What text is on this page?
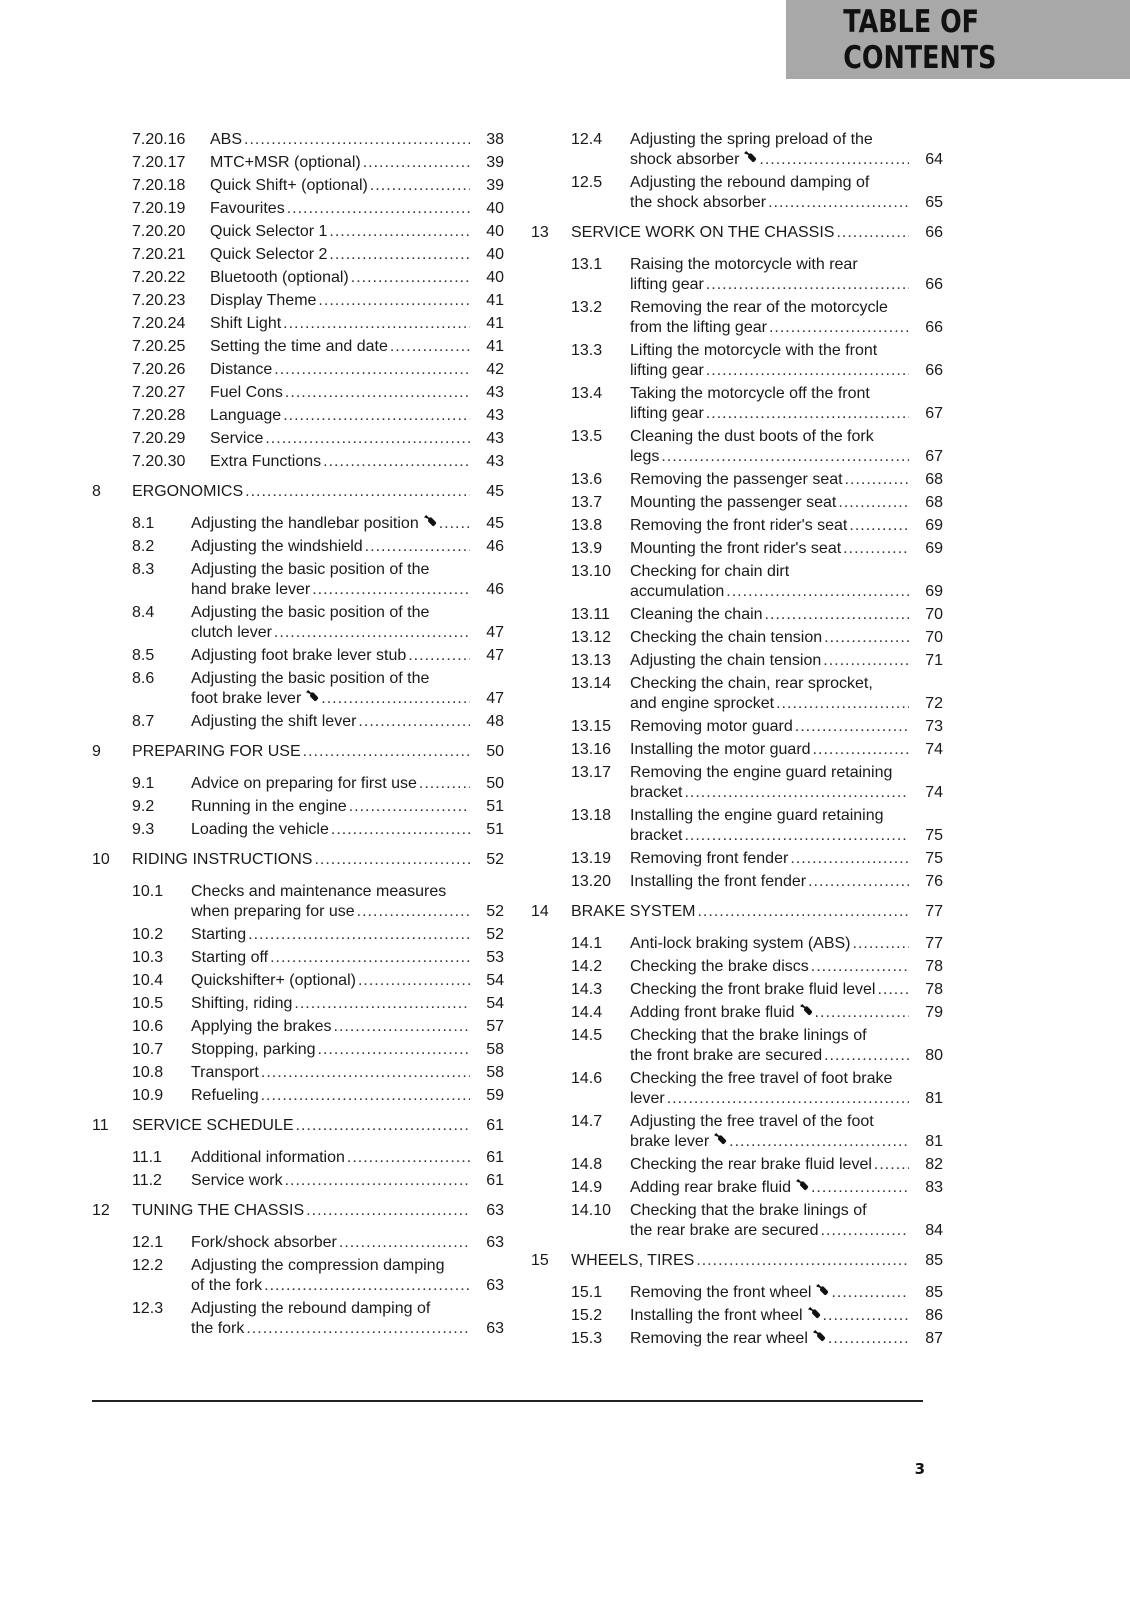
TABLE OF CONTENTS
7.20.16 ABS .....	38
7.20.17 MTC+MSR (optional) .....	39
7.20.18 Quick Shift+ (optional) .....	39
7.20.19 Favourites .....	40
7.20.20 Quick Selector 1 .....	40
7.20.21 Quick Selector 2 .....	40
7.20.22 Bluetooth (optional) .....	40
7.20.23 Display Theme .....	41
7.20.24 Shift Light .....	41
7.20.25 Setting the time and date .....	41
7.20.26 Distance .....	42
7.20.27 Fuel Cons .....	43
7.20.28 Language .....	43
7.20.29 Service .....	43
7.20.30 Extra Functions .....	43
8 ERGONOMICS .....	45
8.1 Adjusting the handlebar position .....	45
8.2 Adjusting the windshield .....	46
8.3 Adjusting the basic position of the
hand brake lever .....	46
8.4 Adjusting the basic position of the
clutch lever .....	47
8.5 Adjusting foot brake lever stub .....	47
8.6 Adjusting the basic position of the
foot brake lever .....	47
8.7 Adjusting the shift lever .....	48
9 PREPARING FOR USE .....	50
9.1 Advice on preparing for first use .....	50
9.2 Running in the engine .....	51
9.3 Loading the vehicle .....	51
10 RIDING INSTRUCTIONS .....	52
10.1 Checks and maintenance measures
when preparing for use .....	52
10.2 Starting .....	52
10.3 Starting off .....	53
10.4 Quickshifter+ (optional) .....	54
10.5 Shifting, riding .....	54
10.6 Applying the brakes .....	57
10.7 Stopping, parking .....	58
10.8 Transport .....	58
10.9 Refueling .....	59
11 SERVICE SCHEDULE .....	61
11.1 Additional information .....	61
11.2 Service work .....	61
12 TUNING THE CHASSIS .....	63
12.1 Fork/shock absorber .....	63
12.2 Adjusting the compression damping
of the fork .....	63
12.3 Adjusting the rebound damping of
the fork .....	63
12.4 Adjusting the spring preload of the
shock absorber .....	64
12.5 Adjusting the rebound damping of
the shock absorber .....	65
13 SERVICE WORK ON THE CHASSIS .....	66
13.1 Raising the motorcycle with rear
lifting gear .....	66
13.2 Removing the rear of the motorcycle
from the lifting gear .....	66
13.3 Lifting the motorcycle with the front
lifting gear .....	66
13.4 Taking the motorcycle off the front
lifting gear .....	67
13.5 Cleaning the dust boots of the fork
legs .....	67
13.6 Removing the passenger seat .....	68
13.7 Mounting the passenger seat .....	68
13.8 Removing the front rider's seat .....	69
13.9 Mounting the front rider's seat .....	69
13.10 Checking for chain dirt
accumulation .....	69
13.11 Cleaning the chain .....	70
13.12 Checking the chain tension .....	70
13.13 Adjusting the chain tension .....	71
13.14 Checking the chain, rear sprocket,
and engine sprocket .....	72
13.15 Removing motor guard .....	73
13.16 Installing the motor guard .....	74
13.17 Removing the engine guard retaining
bracket .....	74
13.18 Installing the engine guard retaining
bracket .....	75
13.19 Removing front fender .....	75
13.20 Installing the front fender .....	76
14 BRAKE SYSTEM .....	77
14.1 Anti-lock braking system (ABS) .....	77
14.2 Checking the brake discs .....	78
14.3 Checking the front brake fluid level .....	78
14.4 Adding front brake fluid .....	79
14.5 Checking that the brake linings of
the front brake are secured .....	80
14.6 Checking the free travel of foot brake
lever .....	81
14.7 Adjusting the free travel of the foot
brake lever .....	81
14.8 Checking the rear brake fluid level .....	82
14.9 Adding rear brake fluid .....	83
14.10 Checking that the brake linings of
the rear brake are secured .....	84
15 WHEELS, TIRES .....	85
15.1 Removing the front wheel .....	85
15.2 Installing the front wheel .....	86
15.3 Removing the rear wheel .....	87
3
